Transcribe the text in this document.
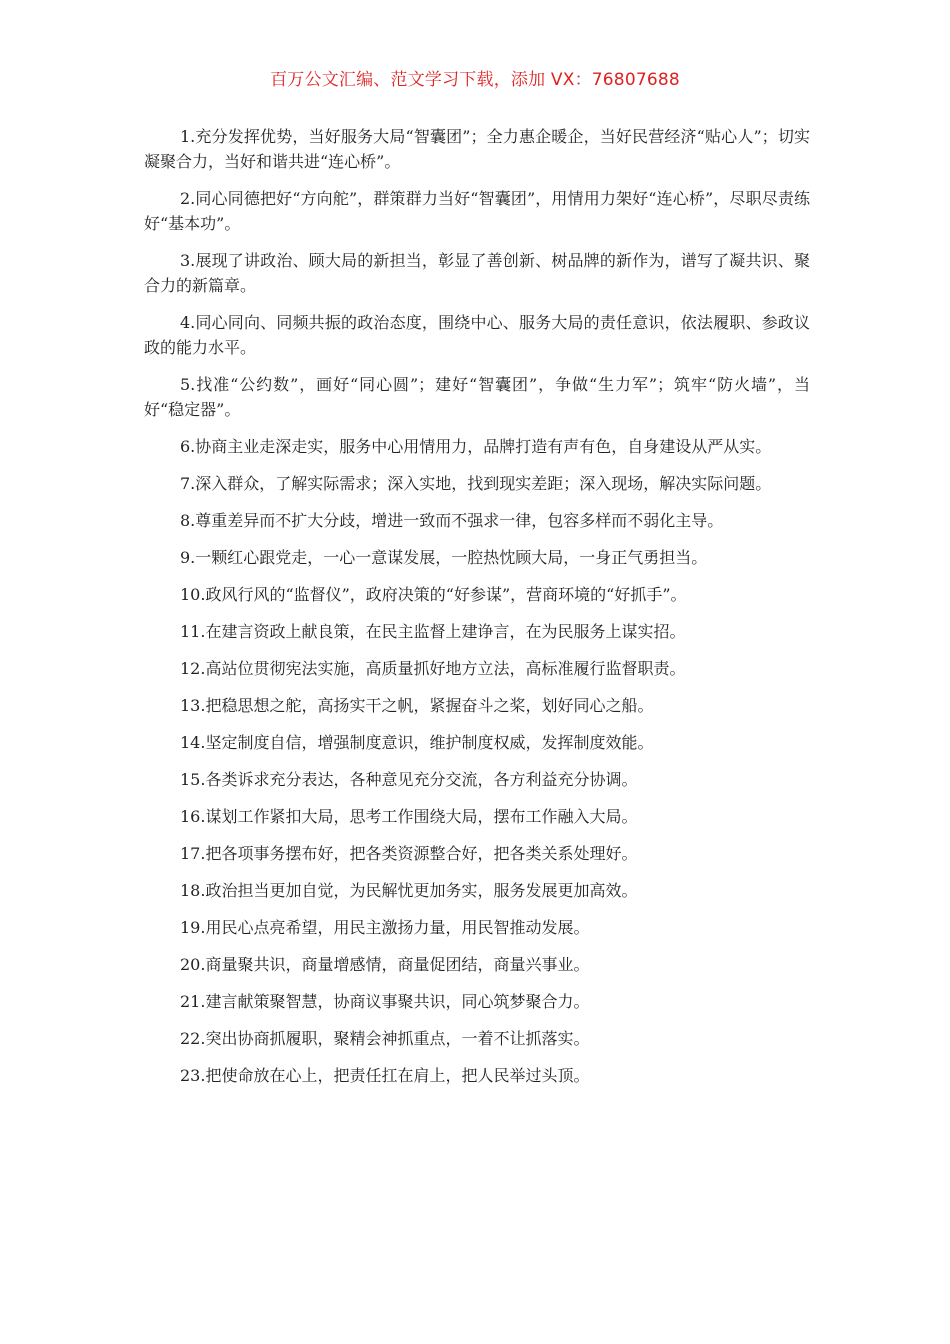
百万公文汇编、范文学习下载，添加 VX：76807688

1.充分发挥优势，当好服务大局“智囊团”；全力惠企暖企，当好民营经济“贴心人”；切实凝聚合力，当好和谐共进“连心桥”。

2.同心同德把好“方向舵”，群策群力当好“智囊团”，用情用力架好“连心桥”，尽职尽责练好“基本功”。

3.展现了讲政治、顾大局的新担当，彰显了善创新、树品牌的新作为，谱写了凝共识、聚合力的新篇章。

4.同心同向、同频共振的政治态度，围绕中心、服务大局的责任意识，依法履职、参政议政的能力水平。

5.找准“公约数”，画好“同心圆”；建好“智囊团”，争做“生力军”；筑牢“防火墙”，当好“稳定器”。

6.协商主业走深走实，服务中心用情用力，品牌打造有声有色，自身建设从严从实。

7.深入群众，了解实际需求；深入实地，找到现实差距；深入现场，解决实际问题。

8.尊重差异而不扩大分歧，增进一致而不强求一律，包容多样而不弱化主导。

9.一颗红心跟党走，一心一意谋发展，一腔热忱顾大局，一身正气勇担当。

10.政风行风的“监督仪”，政府决策的“好参谋”，营商环境的“好抓手”。

11.在建言资政上献良策，在民主监督上建诤言，在为民服务上谋实招。

12.高站位贯彻宪法实施，高质量抓好地方立法，高标准履行监督职责。

13.把稳思想之舵，高扬实干之帆，紧握奋斗之桨，划好同心之船。

14.坚定制度自信，增强制度意识，维护制度权威，发挥制度效能。

15.各类诉求充分表达，各种意见充分交流，各方利益充分协调。

16.谋划工作紧扣大局，思考工作围绕大局，摆布工作融入大局。

17.把各项事务摆布好，把各类资源整合好，把各类关系处理好。

18.政治担当更加自觉，为民解忧更加务实，服务发展更加高效。

19.用民心点亮希望，用民主激扬力量，用民智推动发展。

20.商量聚共识，商量增感情，商量促团结，商量兴事业。

21.建言献策聚智慧，协商议事聚共识，同心筑梦聚合力。

22.突出协商抓履职，聚精会神抓重点，一着不让抓落实。

23.把使命放在心上，把责任扛在肩上，把人民举过头顶。
